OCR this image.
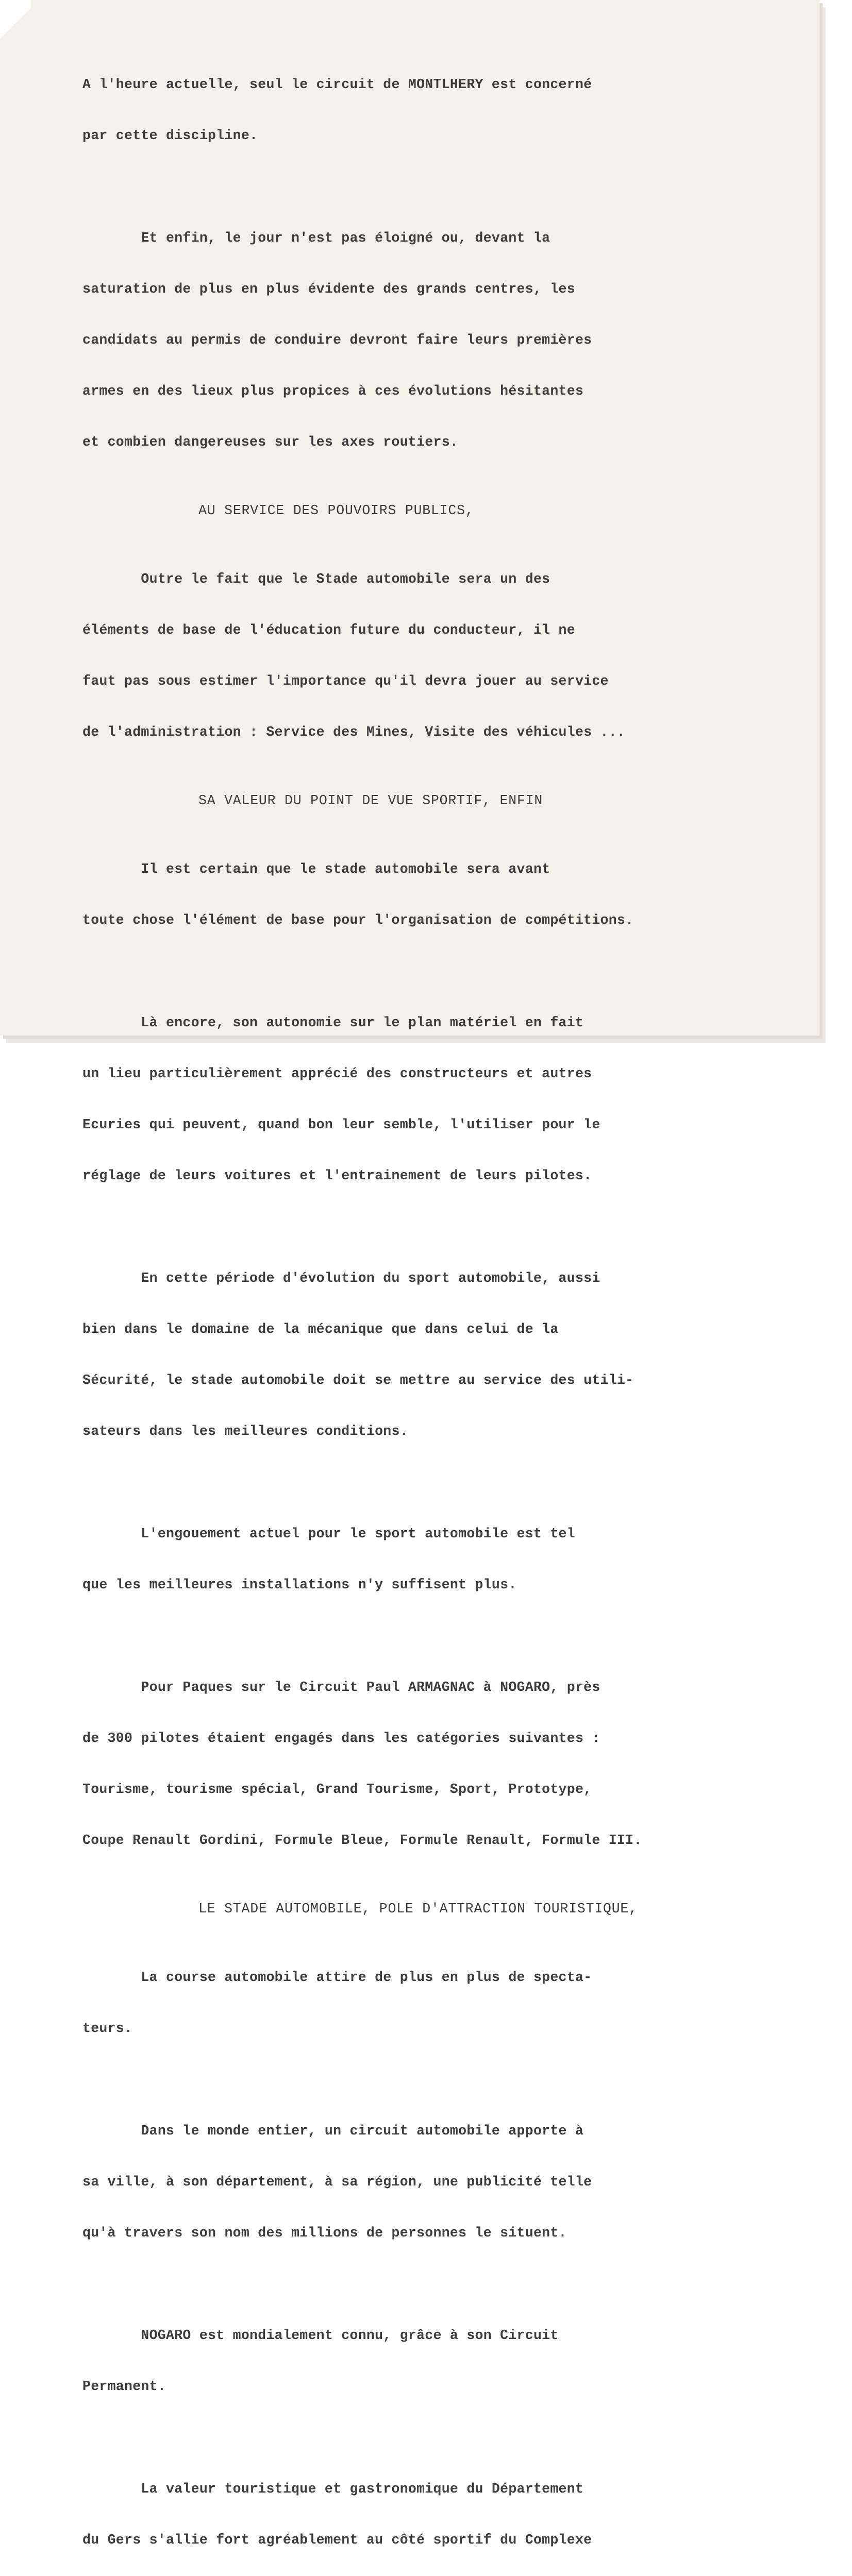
A l'heure actuelle, seul le circuit de MONTLHERY est concerné

par cette discipline.

Et enfin, le jour n'est pas éloigné ou, devant la

saturation de plus en plus évidente des grands centres, les

candidats au permis de conduire devront faire leurs premières

armes en des lieux plus propices à ces évolutions hésitantes

et combien dangereuses sur les axes routiers.

AU SERVICE DES POUVOIRS PUBLICS,

Outre le fait que le Stade automobile sera un des

éléments de base de l'éducation future du conducteur, il ne

faut pas sous estimer l'importance qu'il devra jouer au service

de l'administration : Service des Mines, Visite des véhicules ...

SA VALEUR DU POINT DE VUE SPORTIF, ENFIN

Il est certain que le stade automobile sera avant

toute chose l'élément de base pour l'organisation de compétitions.

Là encore, son autonomie sur le plan matériel en fait

un lieu particulièrement apprécié des constructeurs et autres

Ecuries qui peuvent, quand bon leur semble, l'utiliser pour le

réglage de leurs voitures et l'entrainement de leurs pilotes.

En cette période d'évolution du sport automobile, aussi

bien dans le domaine de la mécanique que dans celui de la

Sécurité, le stade automobile doit se mettre au service des utili-

sateurs dans les meilleures conditions.

L'engouement actuel pour le sport automobile est tel

que les meilleures installations n'y suffisent plus.

Pour Paques sur le Circuit Paul ARMAGNAC à NOGARO, près

de 300 pilotes étaient engagés dans les catégories suivantes :

Tourisme, tourisme spécial, Grand Tourisme, Sport, Prototype,

Coupe Renault Gordini, Formule Bleue, Formule Renault, Formule III.

LE STADE AUTOMOBILE, POLE D'ATTRACTION TOURISTIQUE,

La course automobile attire de plus en plus de specta-

teurs.

Dans le monde entier, un circuit automobile apporte à

sa ville, à son département, à sa région, une publicité telle

qu'à travers son nom des millions de personnes le situent.

NOGARO est mondialement connu, grâce à son Circuit

Permanent.

La valeur touristique et gastronomique du Département

du Gers s'allie fort agréablement au côté sportif du Complexe
